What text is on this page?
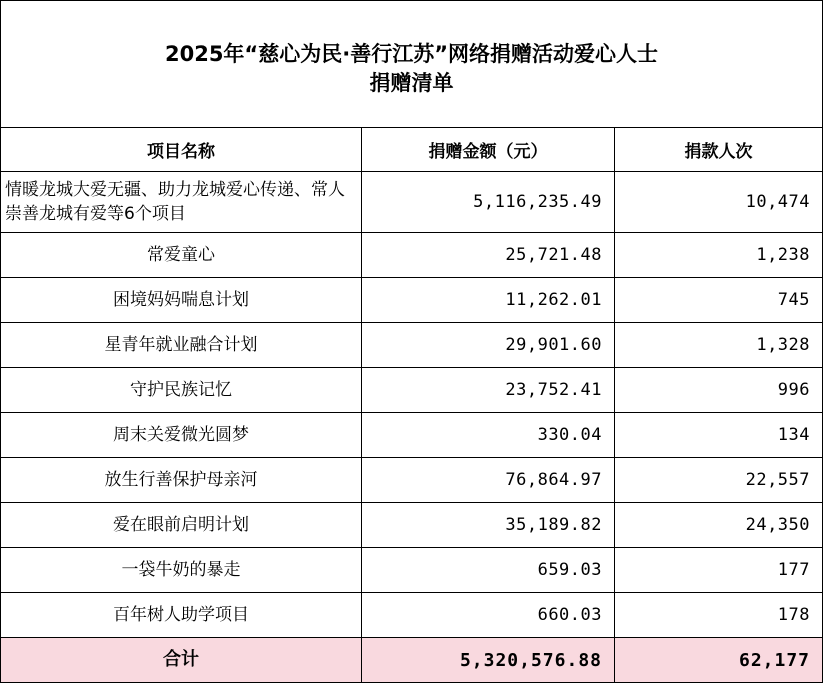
2025年“慈心为民·善行江苏”网络捐赠活动爱心人士
捐赠清单		

项目名称	捐赠金额（元）	捐款人次
情暖龙城大爱无疆、助力龙城爱心传递、常人崇善龙城有爱等6个项目	5,116,235.49	10,474
常爱童心	25,721.48	1,238
困境妈妈喘息计划	11,262.01	745
星青年就业融合计划	29,901.60	1,328
守护民族记忆	23,752.41	996
周末关爱微光圆梦	330.04	134
放生行善保护母亲河	76,864.97	22,557
爱在眼前启明计划	35,189.82	24,350
一袋牛奶的暴走	659.03	177
百年树人助学项目	660.03	178
合计	5,320,576.88	62,177
